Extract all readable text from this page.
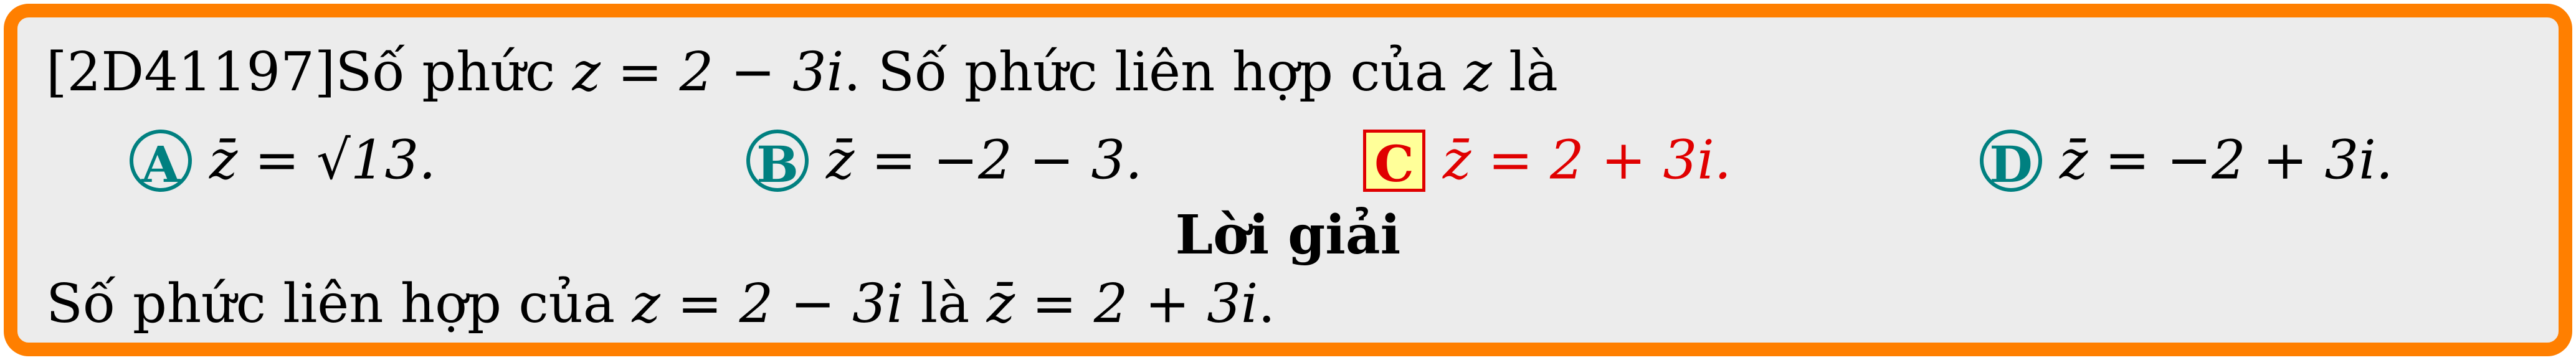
[2D41197]Số phức z = 2 − 3i. Số phức liên hợp của z là
A z̄ = √13.	B z̄ = −2 − 3.	C z̄ = 2 + 3i.	D z̄ = −2 + 3i.
Lời giải
Số phức liên hợp của z = 2 − 3i là z̄ = 2 + 3i.
